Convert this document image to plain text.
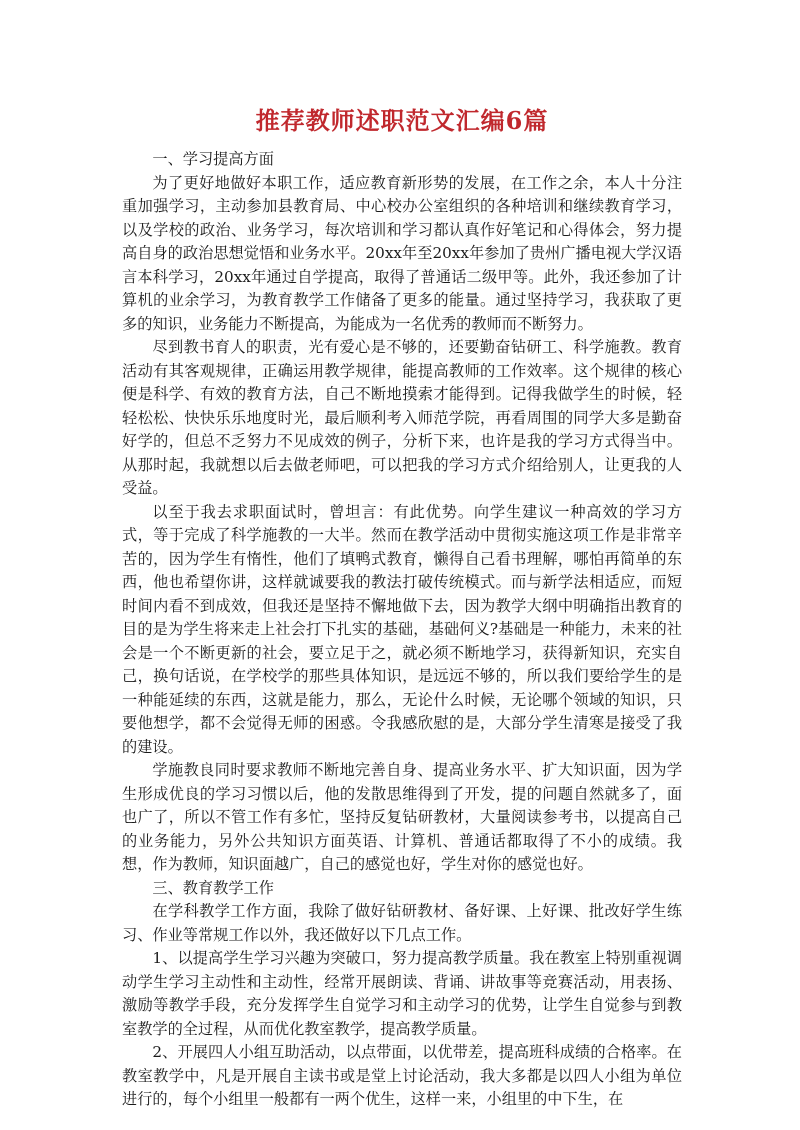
推荐教师述职范文汇编6篇

一、学习提高方面

为了更好地做好本职工作，适应教育新形势的发展，在工作之余，本人十分注重加强学习，主动参加县教育局、中心校办公室组织的各种培训和继续教育学习，以及学校的政治、业务学习，每次培训和学习都认真作好笔记和心得体会，努力提高自身的政治思想觉悟和业务水平。20xx年至20xx年参加了贵州广播电视大学汉语言本科学习，20xx年通过自学提高，取得了普通话二级甲等。此外，我还参加了计算机的业余学习，为教育教学工作储备了更多的能量。通过坚持学习，我获取了更多的知识，业务能力不断提高，为能成为一名优秀的教师而不断努力。

尽到教书育人的职责，光有爱心是不够的，还要勤奋钻研工、科学施教。教育活动有其客观规律，正确运用教学规律，能提高教师的工作效率。这个规律的核心便是科学、有效的教育方法，自己不断地摸索才能得到。记得我做学生的时候，轻轻松松、快快乐乐地度时光，最后顺利考入师范学院，再看周围的同学大多是勤奋好学的，但总不乏努力不见成效的例子，分析下来，也许是我的学习方式得当中。从那时起，我就想以后去做老师吧，可以把我的学习方式介绍给别人，让更我的人受益。

以至于我去求职面试时，曾坦言：有此优势。向学生建议一种高效的学习方式，等于完成了科学施教的一大半。然而在教学活动中贯彻实施这项工作是非常辛苦的，因为学生有惰性，他们了填鸭式教育，懒得自己看书理解，哪怕再简单的东西，他也希望你讲，这样就诚要我的教法打破传统模式。而与新学法相适应，而短时间内看不到成效，但我还是坚持不懈地做下去，因为教学大纲中明确指出教育的目的是为学生将来走上社会打下扎实的基础，基础何义?基础是一种能力，未来的社会是一个不断更新的社会，要立足于之，就必须不断地学习，获得新知识，充实自己，换句话说，在学校学的那些具体知识，是远远不够的，所以我们要给学生的是一种能延续的东西，这就是能力，那么，无论什么时候，无论哪个领域的知识，只要他想学，都不会觉得无师的困惑。令我感欣慰的是，大部分学生清寒是接受了我的建设。

学施教良同时要求教师不断地完善自身、提高业务水平、扩大知识面，因为学生形成优良的学习习惯以后，他的发散思维得到了开发，提的问题自然就多了，面也广了，所以不管工作有多忙，坚持反复钻研教材，大量阅读参考书，以提高自己的业务能力，另外公共知识方面英语、计算机、普通话都取得了不小的成绩。我想，作为教师，知识面越广，自己的感觉也好，学生对你的感觉也好。

三、教育教学工作

在学科教学工作方面，我除了做好钻研教材、备好课、上好课、批改好学生练习、作业等常规工作以外，我还做好以下几点工作。

1、以提高学生学习兴趣为突破口，努力提高教学质量。我在教室上特别重视调动学生学习主动性和主动性，经常开展朗读、背诵、讲故事等竞赛活动，用表扬、激励等教学手段，充分发挥学生自觉学习和主动学习的优势，让学生自觉参与到教室教学的全过程，从而优化教室教学，提高教学质量。

2、开展四人小组互助活动，以点带面，以优带差，提高班科成绩的合格率。在教室教学中，凡是开展自主读书或是堂上讨论活动，我大多都是以四人小组为单位进行的，每个小组里一般都有一两个优生，这样一来，小组里的中下生，在
